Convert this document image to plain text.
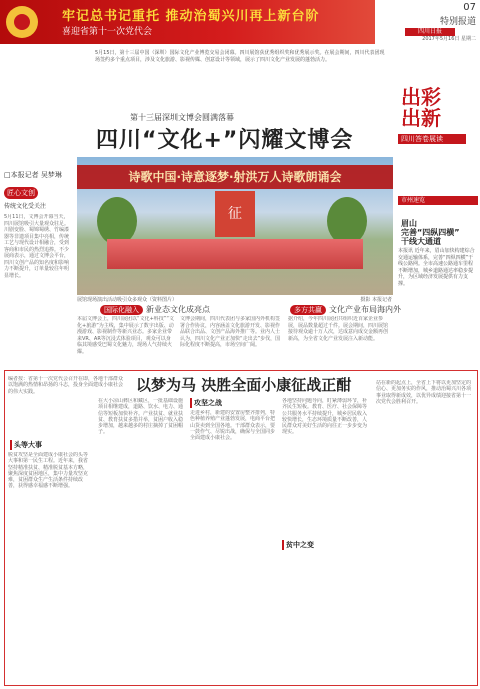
牢记总书记重托 推动治蜀兴川再上新台阶
喜迎省第十一次党代会
07
特别报道
四川日报
2017年5月16日 星期二
5月15日，第十三届中国（深圳）国际文化产业博览交易会闭幕。四川展馆获优秀组织奖和优秀展示奖。在展会期间，四川代表团现场签约多个重点项目，涉及文化旅游、影视传媒、创意设计等领域，展示了四川文化产业发展的蓬勃活力。
第十三届深圳文博会圆满落幕
四川“文化+”闪耀文博会
□本报记者 吴梦琳
匠心文创
传统文化受关注
5月11日，文博会开幕当天，四川展馆吸引大量观众驻足。川剧变脸、蜀锦蜀绣、竹编漆器等非遗项目集中亮相，传统工艺与现代设计相融合，受到客商和市民的热烈追捧。不少展商表示，通过文博会平台，四川文创产品的知名度和影响力不断提升，订单量较往年明显增长。
诗歌中国·诗意逐梦·射洪万人诗歌朗诵会
征
展馆现场演出活动吸引众多观众（资料图片）	摄影 本报记者
国际化融入 新业态文化成亮点	多方共赢 文化产业布局海内外
本届文博会上，四川展团以“文化+科技”“文化+旅游”为主线，集中展示了数字出版、动漫游戏、影视制作等新兴业态。多家企业带来VR、AR等沉浸式体验项目，观众可以身临其境感受巴蜀文化魅力，现场人气持续火爆。
文博会期间，四川代表团与多家国内外机构签署合作协议，内容涵盖文化旅游开发、影视作品联合出品、文创产品海外推广等。业内人士认为，四川文化产业正加快“走出去”步伐，国际化程度不断提高，市场空间广阔。
据介绍，今年四川展团共组织近百家企业参展，展品数量超过千件。展会期间，四川展馆接待观众逾十万人次，达成意向成交金额再创新高，为全省文化产业发展注入新动能。
出彩
出新
四川答卷展读
市州速览
眉山
完善“四纵四横”
干线大通道
本报讯 近年来，眉山加快构建综合交通运输体系，完善“四纵四横”干线公路网。全市高速公路通车里程不断增加，城乡道路通达率稳步提升，为区域经济发展提供有力支撑。
以梦为马 决胜全面小康征战正酣
编者按：省第十一次党代会召开在即，各地干部群众以饱满的热情和昂扬的斗志，投身全面建成小康社会的伟大实践。
头等大事
脱贫攻坚是全面建成小康社会的头等大事和第一民生工程。近年来，我省坚持精准扶贫、精准脱贫基本方略，聚焦深度贫困地区，集中力量攻坚克难，贫困群众生产生活条件持续改善，获得感幸福感不断增强。
在大小凉山彝区和藏区，一批基础设施项目相继建成，道路、饮水、电力、通信等短板加快补齐。产业扶贫、就业扶贫、教育扶贫多措并举，贫困户收入稳步增加，越来越多的村庄摘掉了贫困帽子。
攻坚之战
走进乡村，新建的安置房整齐排列，特色种植养殖产业蓬勃发展，电商平台把山货卖到全国各地。干部群众表示，要一鼓作气、尽锐出战，确保与全国同步全面建成小康社会。
贫中之变
各地坚持问题导向，盯紧薄弱环节，补齐民生短板。教育、医疗、社会保障等公共服务水平持续提升，城乡居民收入较快增长，生态环境质量不断改善，人民群众对美好生活的向往正一步步变为现实。
站在新的起点上，全省上下将以更加坚定的信心、更加务实的作风，推动治蜀兴川各项事业取得新成效，以优异成绩迎接省第十一次党代会胜利召开。
